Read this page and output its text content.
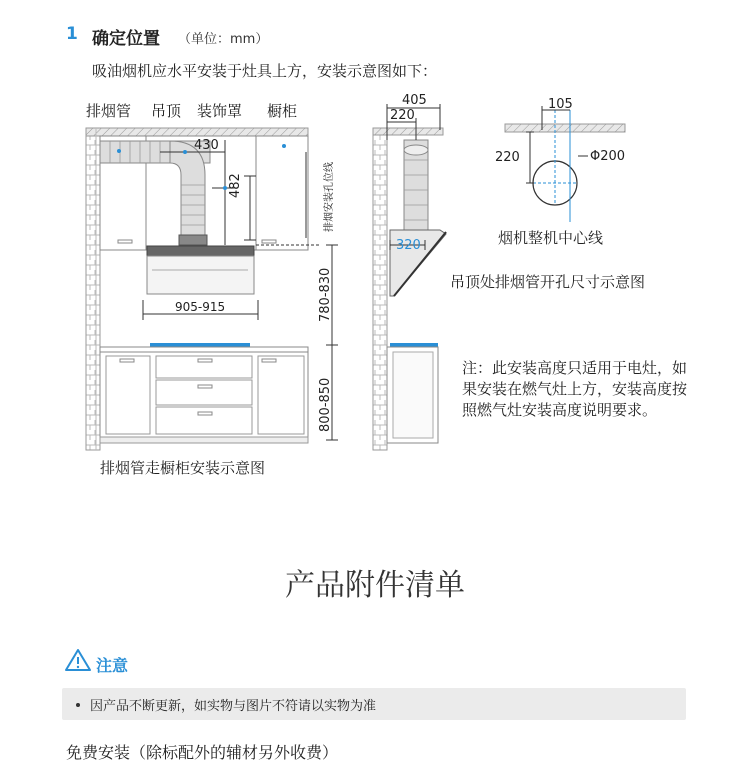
1 确定位置 （单位：mm）
吸油烟机应水平安装于灶具上方，安装示意图如下：
排烟管 吊顶 装饰罩 橱柜
430
482
905-915
排烟安装孔位线
780-830
800-850
排烟管走橱柜安装示意图
405
220
320
105
220	Φ200
烟机整机中心线
吊顶处排烟管开孔尺寸示意图
注：此安装高度只适用于电灶，如果安装在燃气灶上方，安装高度按照燃气灶安装高度说明要求。
产品附件清单
注意
因产品不断更新，如实物与图片不符请以实物为准
免费安装（除标配外的辅材另外收费）
